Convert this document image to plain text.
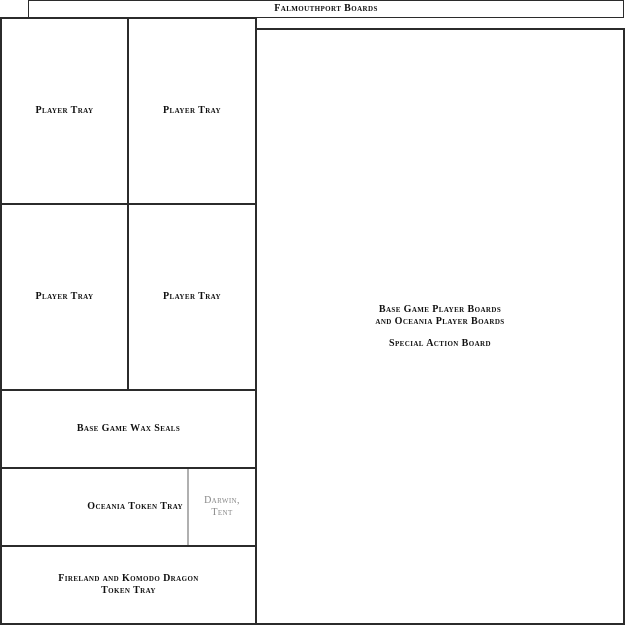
Falmouthport Boards
Player Tray	Player Tray
Player Tray	Player Tray
Base Game Wax Seals
Oceania Token Tray
Darwin,
Tent
Fireland and Komodo Dragon
Token Tray
Base Game Player Boards
and Oceania Player Boards
Special Action Board
